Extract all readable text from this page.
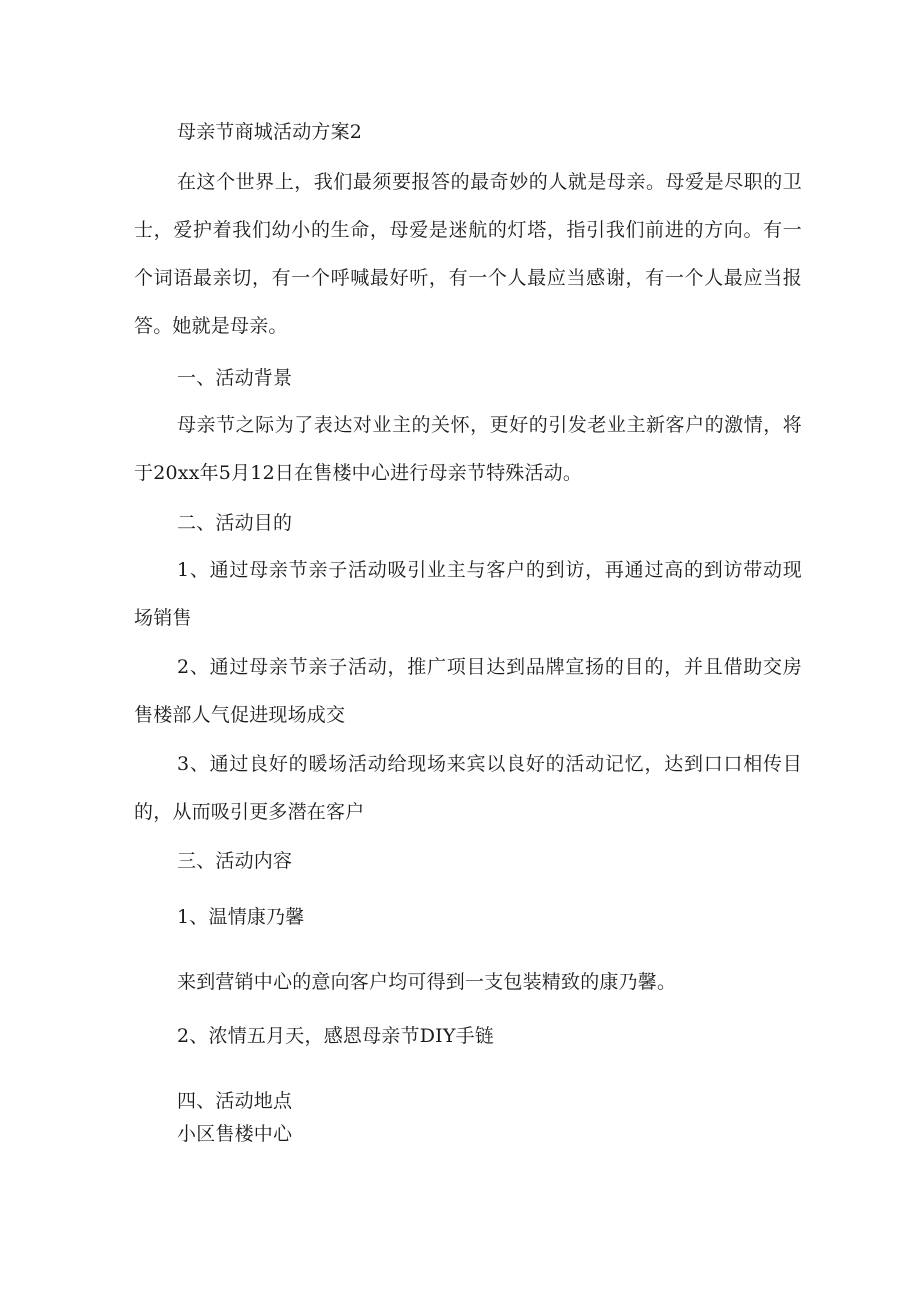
母亲节商城活动方案2
在这个世界上，我们最须要报答的最奇妙的人就是母亲。母爱是尽职的卫士，爱护着我们幼小的生命，母爱是迷航的灯塔，指引我们前进的方向。有一个词语最亲切，有一个呼喊最好听，有一个人最应当感谢，有一个人最应当报答。她就是母亲。
一、活动背景
母亲节之际为了表达对业主的关怀，更好的引发老业主新客户的激情，将于20xx年5月12日在售楼中心进行母亲节特殊活动。
二、活动目的
1、通过母亲节亲子活动吸引业主与客户的到访，再通过高的到访带动现场销售
2、通过母亲节亲子活动，推广项目达到品牌宣扬的目的，并且借助交房售楼部人气促进现场成交
3、通过良好的暖场活动给现场来宾以良好的活动记忆，达到口口相传目的，从而吸引更多潜在客户
三、活动内容
1、温情康乃馨
来到营销中心的意向客户均可得到一支包装精致的康乃馨。
2、浓情五月天，感恩母亲节DIY手链
四、活动地点
小区售楼中心
